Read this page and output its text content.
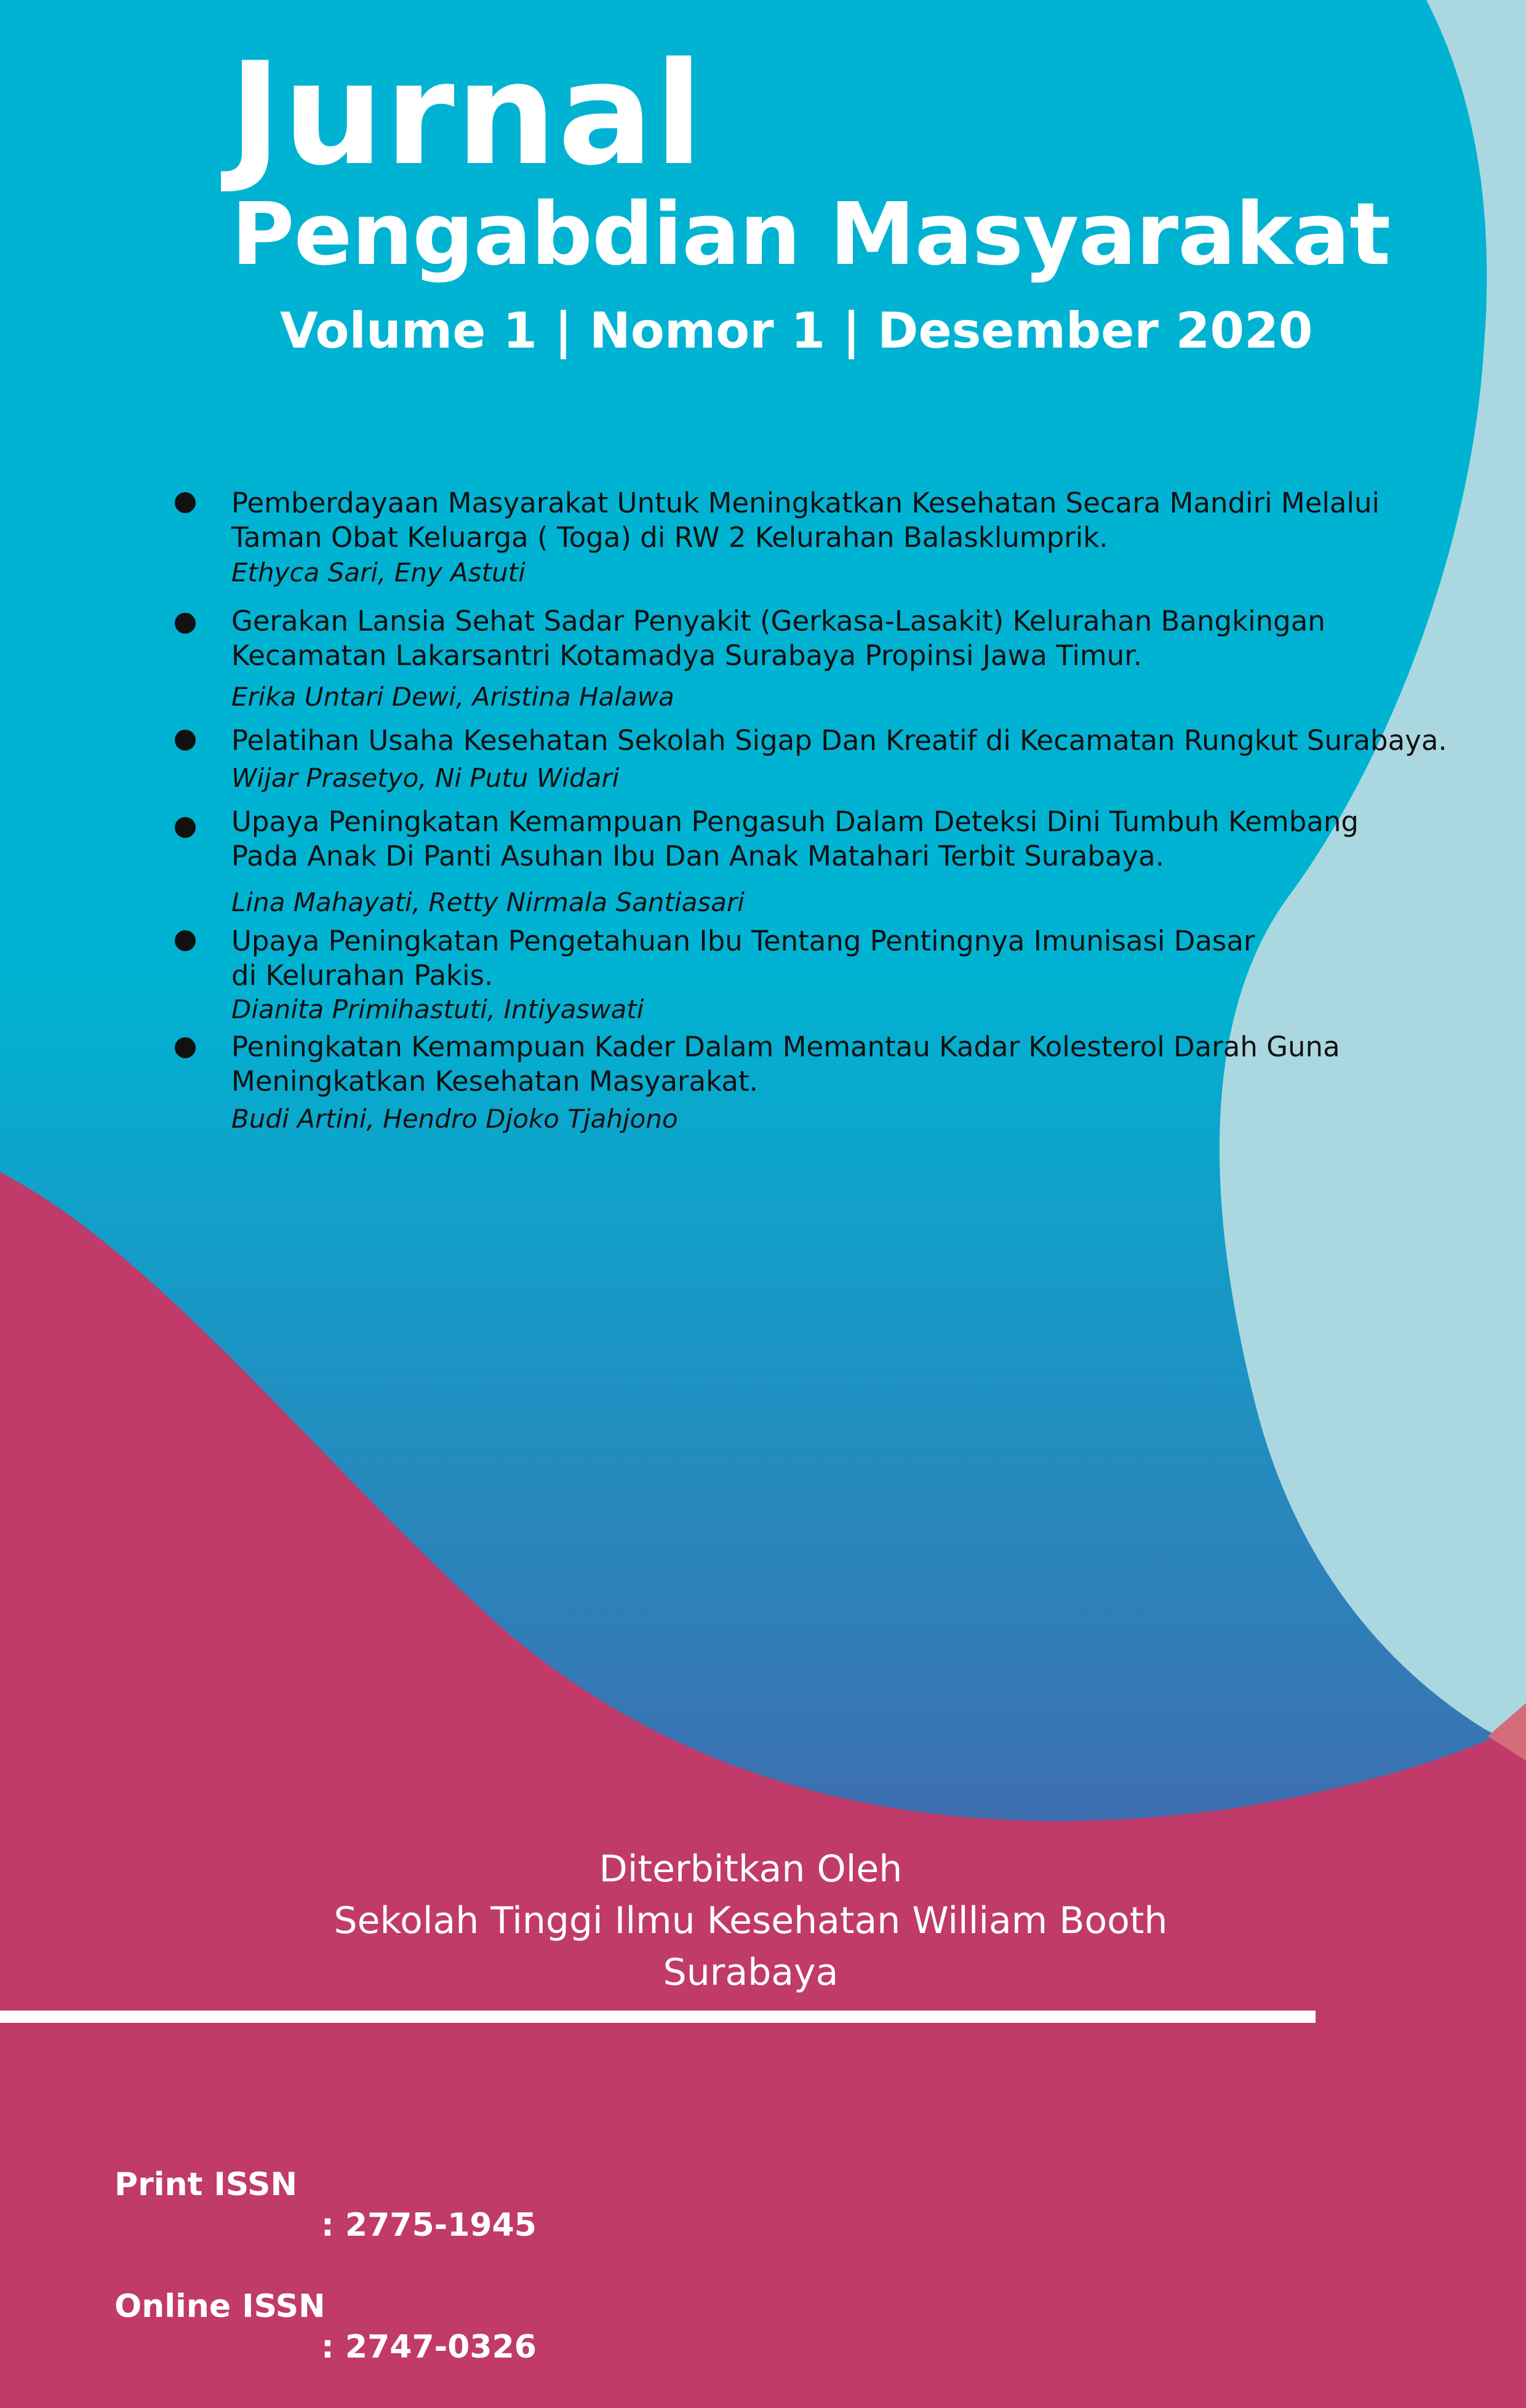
Jurnal
Pengabdian Masyarakat
Volume 1 | Nomor 1 | Desember 2020
Pemberdayaan Masyarakat Untuk Meningkatkan Kesehatan Secara Mandiri Melalui
Taman Obat Keluarga ( Toga) di RW 2 Kelurahan Balasklumprik.
Ethyca Sari, Eny Astuti
Gerakan Lansia Sehat Sadar Penyakit (Gerkasa-Lasakit) Kelurahan Bangkingan
Kecamatan Lakarsantri Kotamadya Surabaya Propinsi Jawa Timur.
Erika Untari Dewi, Aristina Halawa
Pelatihan Usaha Kesehatan Sekolah Sigap Dan Kreatif di Kecamatan Rungkut Surabaya.
Wijar Prasetyo, Ni Putu Widari
Upaya Peningkatan Kemampuan Pengasuh Dalam Deteksi Dini Tumbuh Kembang
Pada Anak Di Panti Asuhan Ibu Dan Anak Matahari Terbit Surabaya.
Lina Mahayati, Retty Nirmala Santiasari
Upaya Peningkatan Pengetahuan Ibu Tentang Pentingnya Imunisasi Dasar
di Kelurahan Pakis.
Dianita Primihastuti, Intiyaswati
Peningkatan Kemampuan Kader Dalam Memantau Kadar Kolesterol Darah Guna
Meningkatkan Kesehatan Masyarakat.
Budi Artini, Hendro Djoko Tjahjono
Diterbitkan Oleh
Sekolah Tinggi Ilmu Kesehatan William Booth
Surabaya

Print ISSN

: 2775-1945

Online ISSN

: 2747-0326
